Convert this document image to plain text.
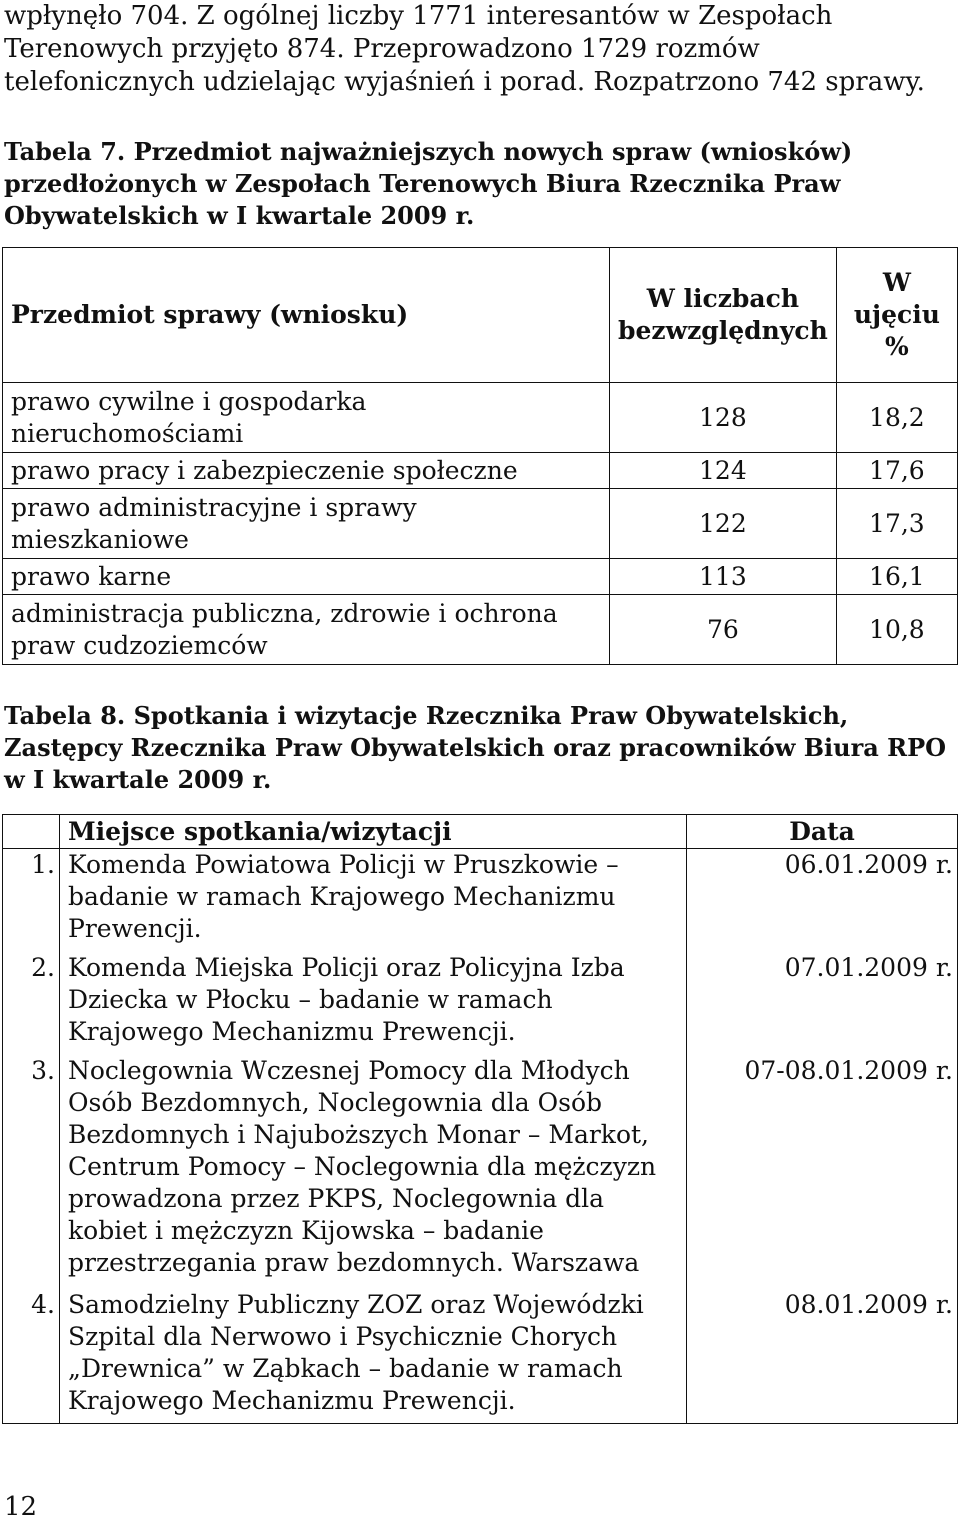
wpłynęło 704. Z ogólnej liczby 1771 interesantów w Zespołach Terenowych przyjęto 874. Przeprowadzono 1729 rozmów telefonicznych udzielając wyjaśnień i porad. Rozpatrzono 742 sprawy.
Tabela 7. Przedmiot najważniejszych nowych spraw (wniosków) przedłożonych w Zespołach Terenowych Biura Rzecznika Praw Obywatelskich w I kwartale 2009 r.
Przedmiot sprawy (wniosku)	W liczbach bezwzględnych	W ujęciu %
prawo cywilne i gospodarka nieruchomościami	128	18,2
prawo pracy i zabezpieczenie społeczne	124	17,6
prawo administracyjne i sprawy mieszkaniowe	122	17,3
prawo karne	113	16,1
administracja publiczna, zdrowie i ochrona praw cudzoziemców	76	10,8
Tabela 8. Spotkania i wizytacje Rzecznika Praw Obywatelskich, Zastępcy Rzecznika Praw Obywatelskich oraz pracowników Biura RPO w I kwartale 2009 r.
	Miejsce spotkania/wizytacji	Data
1.	Komenda Powiatowa Policji w Pruszkowie – badanie w ramach Krajowego Mechanizmu Prewencji.	06.01.2009 r.
2.	Komenda Miejska Policji oraz Policyjna Izba Dziecka w Płocku – badanie w ramach Krajowego Mechanizmu Prewencji.	07.01.2009 r.
3.	Noclegownia Wczesnej Pomocy dla Młodych Osób Bezdomnych, Noclegownia dla Osób Bezdomnych i Najuboższych Monar – Markot, Centrum Pomocy – Noclegownia dla mężczyzn prowadzona przez PKPS, Noclegownia dla kobiet i mężczyzn Kijowska – badanie przestrzegania praw bezdomnych. Warszawa	07-08.01.2009 r.
4.	Samodzielny Publiczny ZOZ oraz Wojewódzki Szpital dla Nerwowo i Psychicznie Chorych „Drewnica” w Ząbkach – badanie w ramach Krajowego Mechanizmu Prewencji.	08.01.2009 r.
12
